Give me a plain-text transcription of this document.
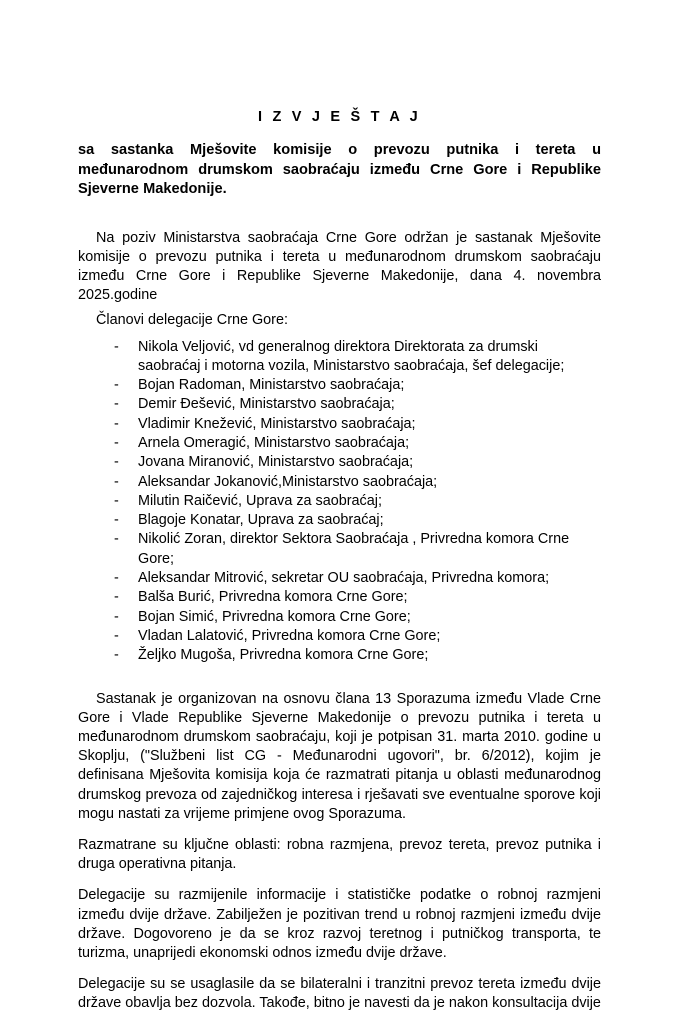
I Z V J E Š T A J

sa sastanka Mješovite komisije o prevozu putnika i tereta u međunarodnom drumskom saobraćaju između Crne Gore i Republike Sjeverne Makedonije.

Na poziv Ministarstva saobraćaja Crne Gore održan je sastanak Mješovite komisije o prevozu putnika i tereta u međunarodnom drumskom saobraćaju između Crne Gore i Republike Sjeverne Makedonije, dana 4. novembra 2025.godine

Članovi delegacije Crne Gore:

- Nikola Veljović, vd generalnog direktora Direktorata za drumski saobraćaj i motorna vozila, Ministarstvo saobraćaja, šef delegacije;
- Bojan Radoman, Ministarstvo saobraćaja;
- Demir Đešević, Ministarstvo saobraćaja;
- Vladimir Knežević, Ministarstvo saobraćaja;
- Arnela Omeragić, Ministarstvo saobraćaja;
- Jovana Miranović, Ministarstvo saobraćaja;
- Aleksandar Jokanović,Ministarstvo saobraćaja;
- Milutin Raičević, Uprava za saobraćaj;
- Blagoje Konatar, Uprava za saobraćaj;
- Nikolić Zoran, direktor Sektora Saobraćaja , Privredna komora Crne Gore;
- Aleksandar Mitrović, sekretar OU saobraćaja, Privredna komora;
- Balša Burić, Privredna komora Crne Gore;
- Bojan Simić, Privredna komora Crne Gore;
- Vladan Lalatović, Privredna komora Crne Gore;
- Željko Mugoša, Privredna komora Crne Gore;

Sastanak je organizovan na osnovu člana 13 Sporazuma između Vlade Crne Gore i Vlade Republike Sjeverne Makedonije o prevozu putnika i tereta u međunarodnom drumskom saobraćaju, koji je potpisan 31. marta 2010. godine u Skoplju, ("Službeni list CG - Međunarodni ugovori", br. 6/2012), kojim je definisana Mješovita komisija koja će razmatrati pitanja u oblasti međunarodnog drumskog prevoza od zajedničkog interesa i rješavati sve eventualne sporove koji mogu nastati za vrijeme primjene ovog Sporazuma.

Razmatrane su ključne oblasti: robna razmjena, prevoz tereta, prevoz putnika i druga operativna pitanja.

Delegacije su razmijenile informacije i statističke podatke o robnoj razmjeni između dvije države. Zabilježen je pozitivan trend u robnoj razmjeni između dvije države. Dogovoreno je da se kroz razvoj teretnog i putničkog transporta, te turizma, unaprijedi ekonomski odnos između dvije države.

Delegacije su se usaglasile da se bilateralni i tranzitni prevoz tereta između dvije države obavlja bez dozvola. Takođe, bitno je navesti da je nakon konsultacija dvije
